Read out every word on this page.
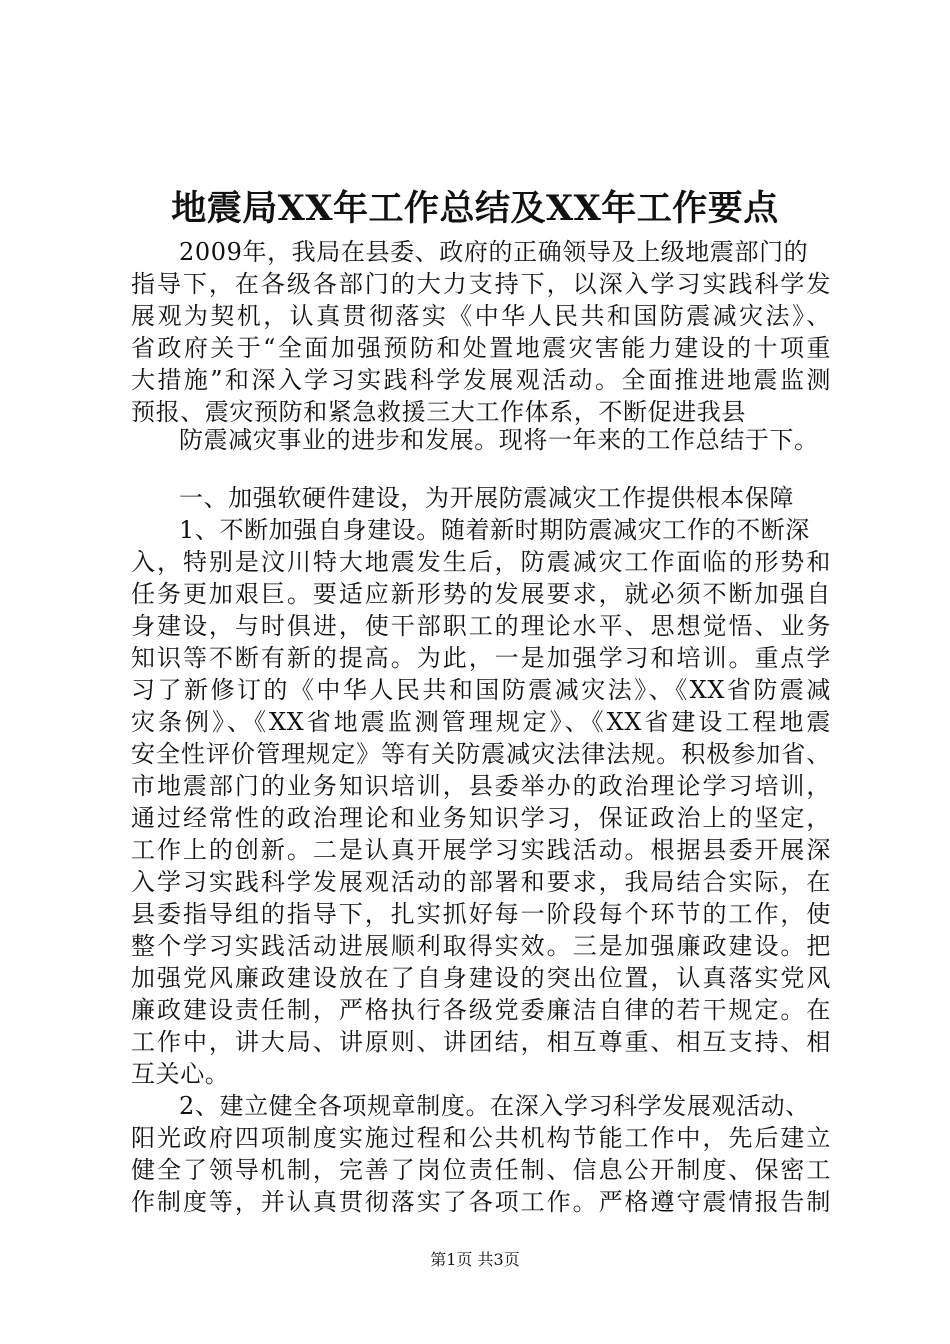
地震局XX年工作总结及XX年工作要点
2009年，我局在县委、政府的正确领导及上级地震部门的
指导下，在各级各部门的大力支持下，以深入学习实践科学发
展观为契机，认真贯彻落实《中华人民共和国防震减灾法》、
省政府关于“全面加强预防和处置地震灾害能力建设的十项重
大措施”和深入学习实践科学发展观活动。全面推进地震监测
预报、震灾预防和紧急救援三大工作体系，不断促进我县
防震减灾事业的进步和发展。现将一年来的工作总结于下。
一、加强软硬件建设，为开展防震减灾工作提供根本保障
1、不断加强自身建设。随着新时期防震减灾工作的不断深
入，特别是汶川特大地震发生后，防震减灾工作面临的形势和
任务更加艰巨。要适应新形势的发展要求，就必须不断加强自
身建设，与时俱进，使干部职工的理论水平、思想觉悟、业务
知识等不断有新的提高。为此，一是加强学习和培训。重点学
习了新修订的《中华人民共和国防震减灾法》、《XX省防震减
灾条例》、《XX省地震监测管理规定》、《XX省建设工程地震
安全性评价管理规定》等有关防震减灾法律法规。积极参加省、
市地震部门的业务知识培训，县委举办的政治理论学习培训，
通过经常性的政治理论和业务知识学习，保证政治上的坚定，
工作上的创新。二是认真开展学习实践活动。根据县委开展深
入学习实践科学发展观活动的部署和要求，我局结合实际，在
县委指导组的指导下，扎实抓好每一阶段每个环节的工作，使
整个学习实践活动进展顺利取得实效。三是加强廉政建设。把
加强党风廉政建设放在了自身建设的突出位置，认真落实党风
廉政建设责任制，严格执行各级党委廉洁自律的若干规定。在
工作中，讲大局、讲原则、讲团结，相互尊重、相互支持、相
互关心。
2、建立健全各项规章制度。在深入学习科学发展观活动、
阳光政府四项制度实施过程和公共机构节能工作中，先后建立
健全了领导机制，完善了岗位责任制、信息公开制度、保密工
作制度等，并认真贯彻落实了各项工作。严格遵守震情报告制
第1页 共3页
